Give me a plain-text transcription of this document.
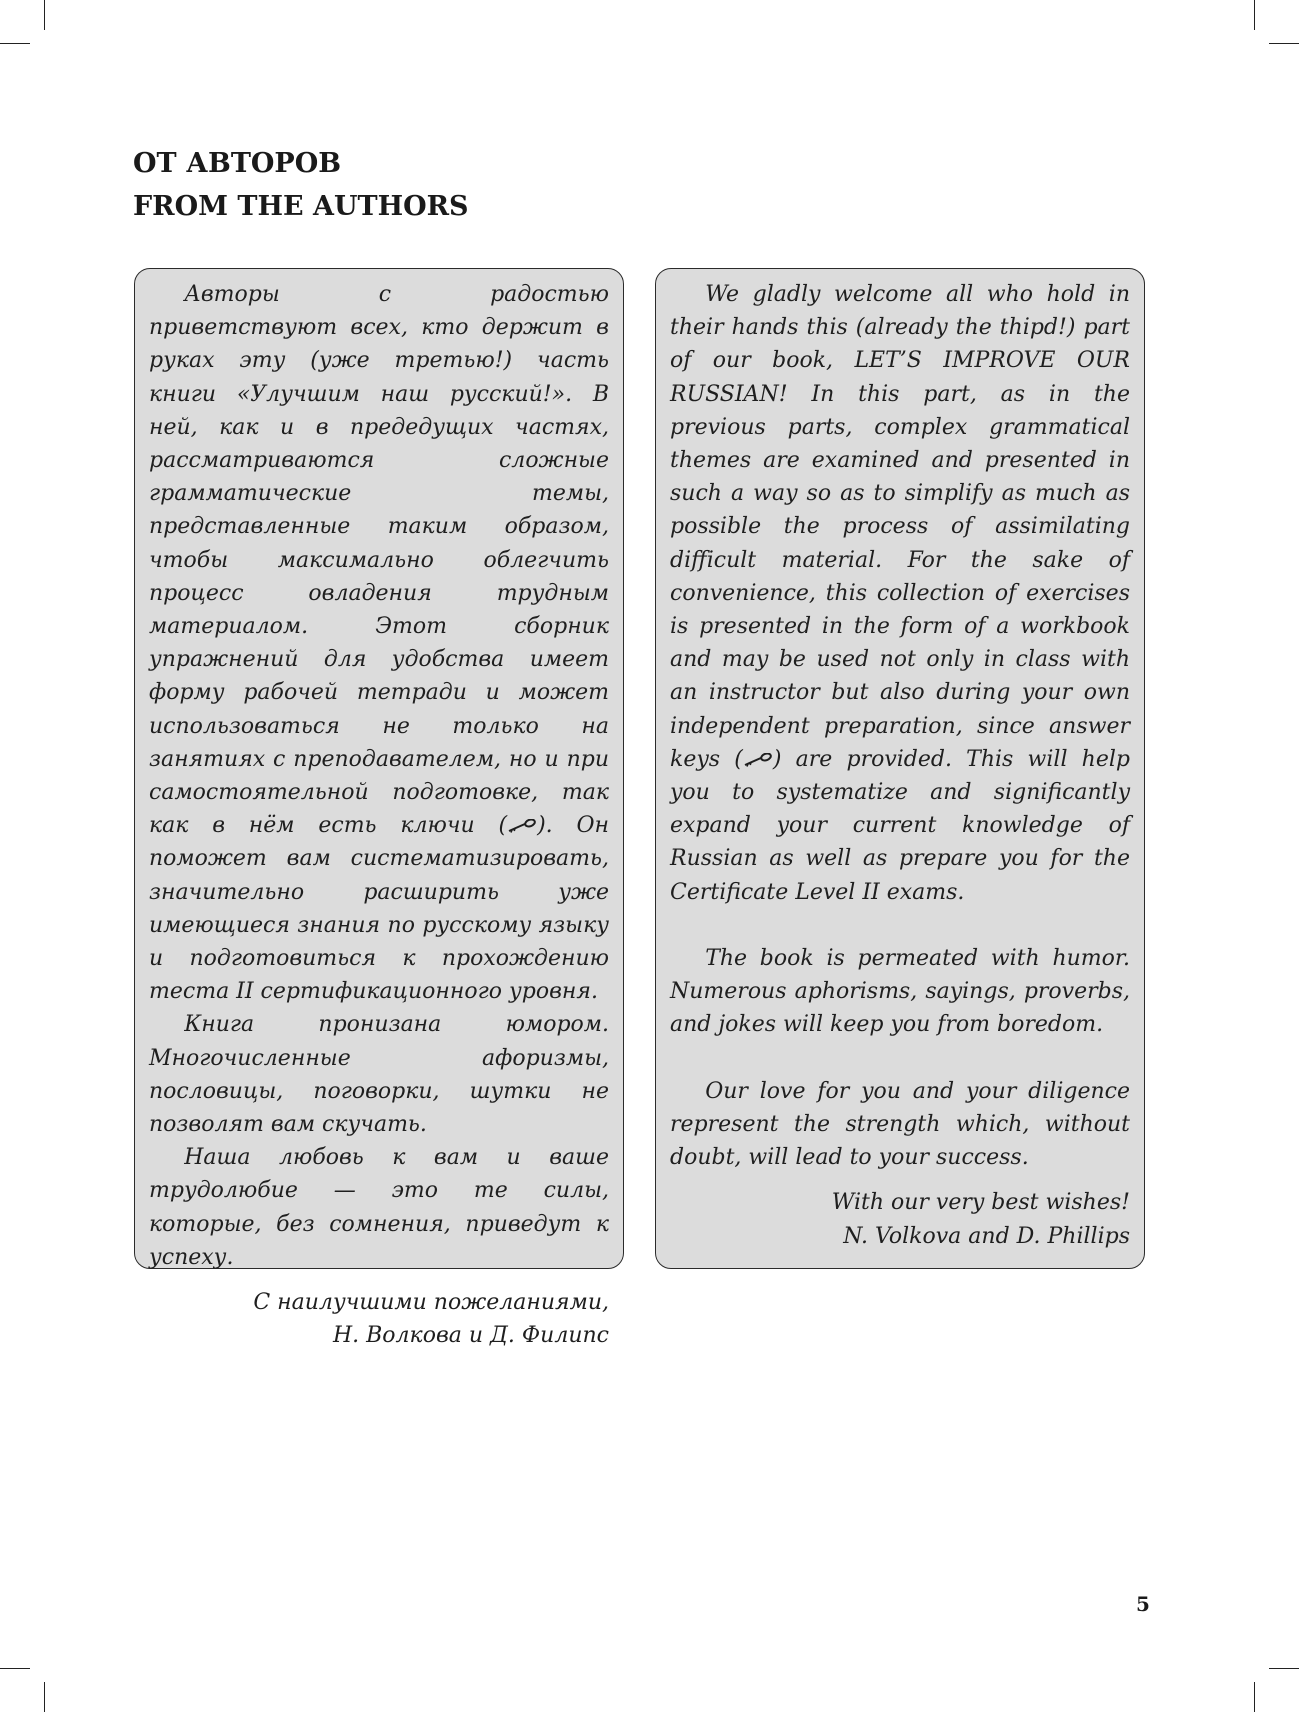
ОТ АВТОРОВ
FROM THE AUTHORS

Авторы с радостью приветствуют всех, кто держит в руках эту (уже третью!) часть книги «Улучшим наш русский!». В ней, как и в предедущих частях, рассматриваются сложные грамматические темы, представленные таким образом, чтобы максимально облегчить процесс овладения трудным материалом. Этот сборник упражнений для удобства имеет форму рабочей тетради и может использоваться не только на занятиях с преподавателем, но и при самостоятельной подготовке, так как в нём есть ключи ( ). Он поможет вам систематизировать, значительно расширить уже имеющиеся знания по русскому языку и подготовиться к прохождению теста II сертификационного уровня.

Книга пронизана юмором. Многочисленные афоризмы, пословицы, поговорки, шутки не позволят вам скучать.

Наша любовь к вам и ваше трудолюбие — это те силы, которые, без сомнения, приведут к успеху.

С наилучшими пожеланиями,
Н. Волкова и Д. Филипс

We gladly welcome all who hold in their hands this (already the thipd!) part of our book, LET’S IMPROVE OUR RUSSIAN! In this part, as in the previous parts, complex grammatical themes are examined and presented in such a way so as to simplify as much as possible the process of assimilating difficult material. For the sake of convenience, this collection of exercises is presented in the form of a workbook and may be used not only in class with an instructor but also during your own independent preparation, since answer keys ( ) are provided. This will help you to systematize and significantly expand your current knowledge of Russian as well as prepare you for the Certificate Level II exams.

The book is permeated with humor. Numerous aphorisms, sayings, proverbs, and jokes will keep you from boredom.

Our love for you and your diligence represent the strength which, without doubt, will lead to your success.

With our very best wishes!
N. Volkova and D. Phillips
5
